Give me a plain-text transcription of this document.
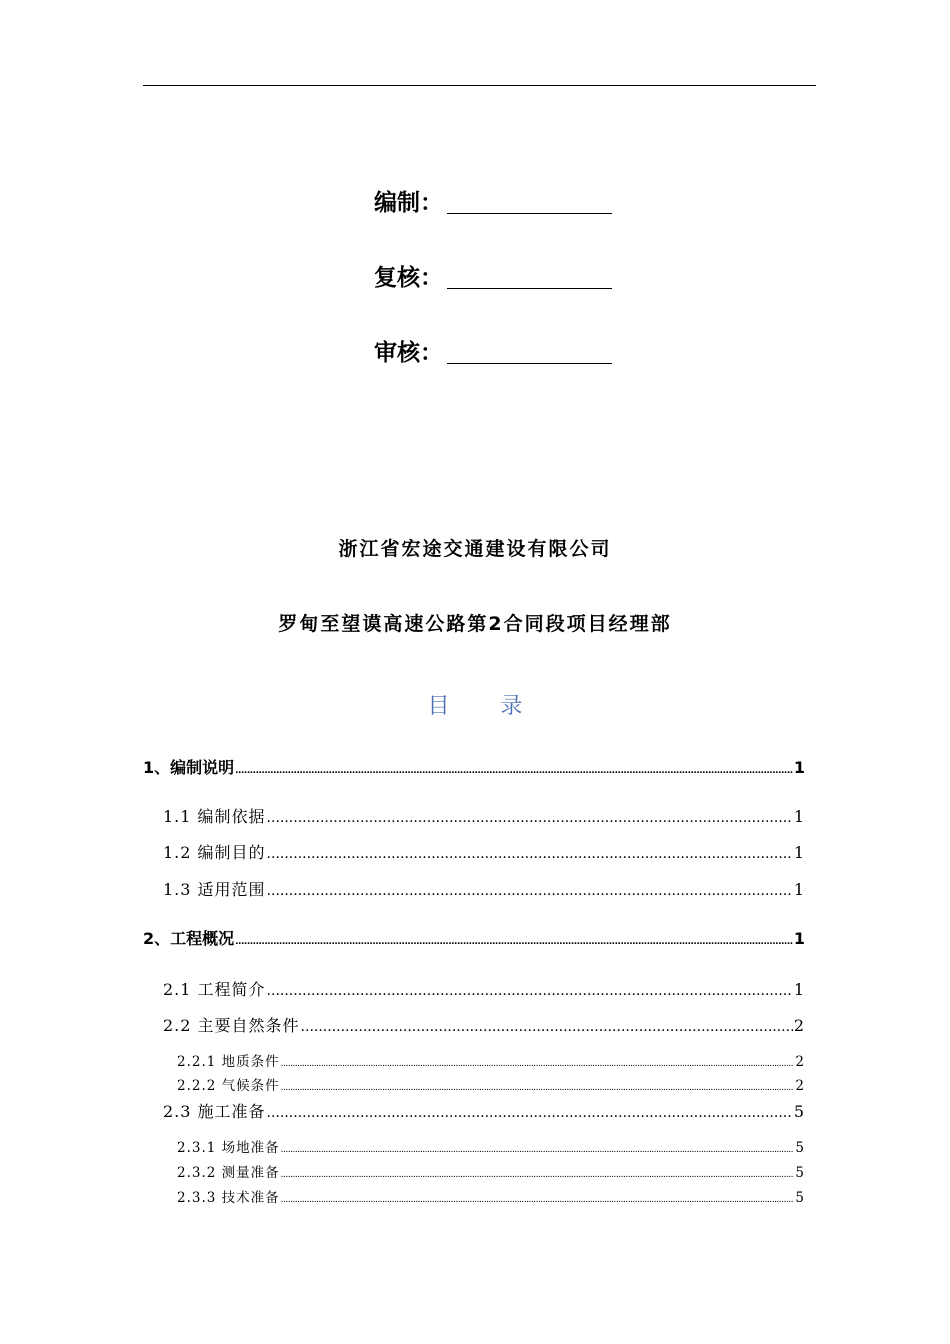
编制：
复核：
审核：
浙江省宏途交通建设有限公司
罗甸至望谟高速公路第2合同段项目经理部
目 录
1、编制说明 .....	1
1.1 编制依据 .....	1
1.2 编制目的 .....	1
1.3 适用范围 .....	1
2、工程概况 .....	1
2.1 工程简介 .....	1
2.2 主要自然条件 .....	2
2.2.1 地质条件 .....	2
2.2.2 气候条件 .....	2
2.3 施工准备 .....	5
2.3.1 场地准备 .....	5
2.3.2 测量准备 .....	5
2.3.3 技术准备 .....	5
